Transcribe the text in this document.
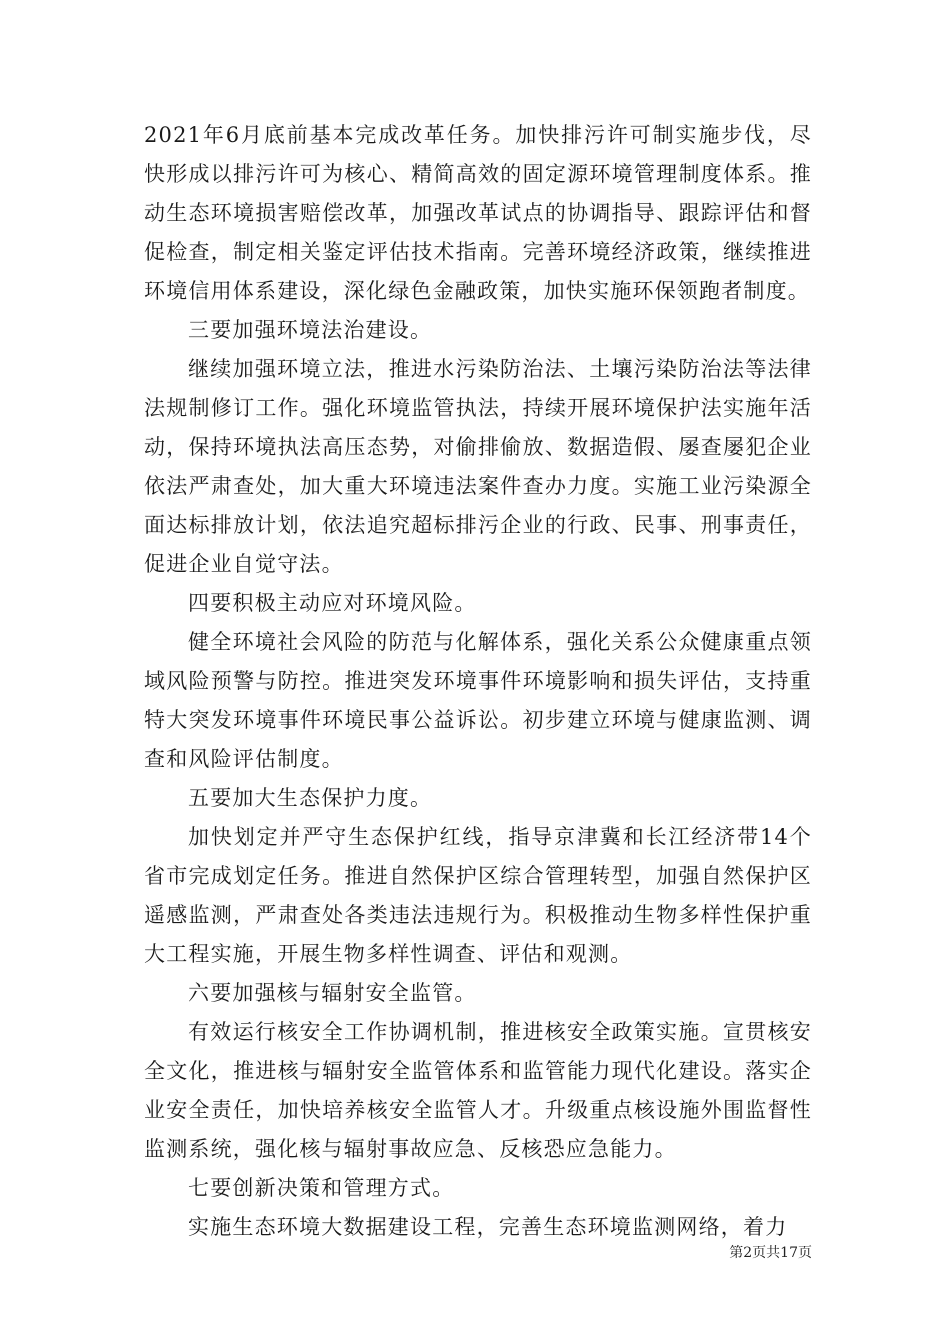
2021年6月底前基本完成改革任务。加快排污许可制实施步伐，尽快形成以排污许可为核心、精简高效的固定源环境管理制度体系。推动生态环境损害赔偿改革，加强改革试点的协调指导、跟踪评估和督促检查，制定相关鉴定评估技术指南。完善环境经济政策，继续推进环境信用体系建设，深化绿色金融政策，加快实施环保领跑者制度。

三要加强环境法治建设。

继续加强环境立法，推进水污染防治法、土壤污染防治法等法律法规制修订工作。强化环境监管执法，持续开展环境保护法实施年活动，保持环境执法高压态势，对偷排偷放、数据造假、屡查屡犯企业依法严肃查处，加大重大环境违法案件查办力度。实施工业污染源全面达标排放计划，依法追究超标排污企业的行政、民事、刑事责任，促进企业自觉守法。

四要积极主动应对环境风险。

健全环境社会风险的防范与化解体系，强化关系公众健康重点领域风险预警与防控。推进突发环境事件环境影响和损失评估，支持重特大突发环境事件环境民事公益诉讼。初步建立环境与健康监测、调查和风险评估制度。

五要加大生态保护力度。

加快划定并严守生态保护红线，指导京津冀和长江经济带14个省市完成划定任务。推进自然保护区综合管理转型，加强自然保护区遥感监测，严肃查处各类违法违规行为。积极推动生物多样性保护重大工程实施，开展生物多样性调查、评估和观测。

六要加强核与辐射安全监管。

有效运行核安全工作协调机制，推进核安全政策实施。宣贯核安全文化，推进核与辐射安全监管体系和监管能力现代化建设。落实企业安全责任，加快培养核安全监管人才。升级重点核设施外围监督性监测系统，强化核与辐射事故应急、反核恐应急能力。

七要创新决策和管理方式。

实施生态环境大数据建设工程，完善生态环境监测网络，着力

第2页共17页
